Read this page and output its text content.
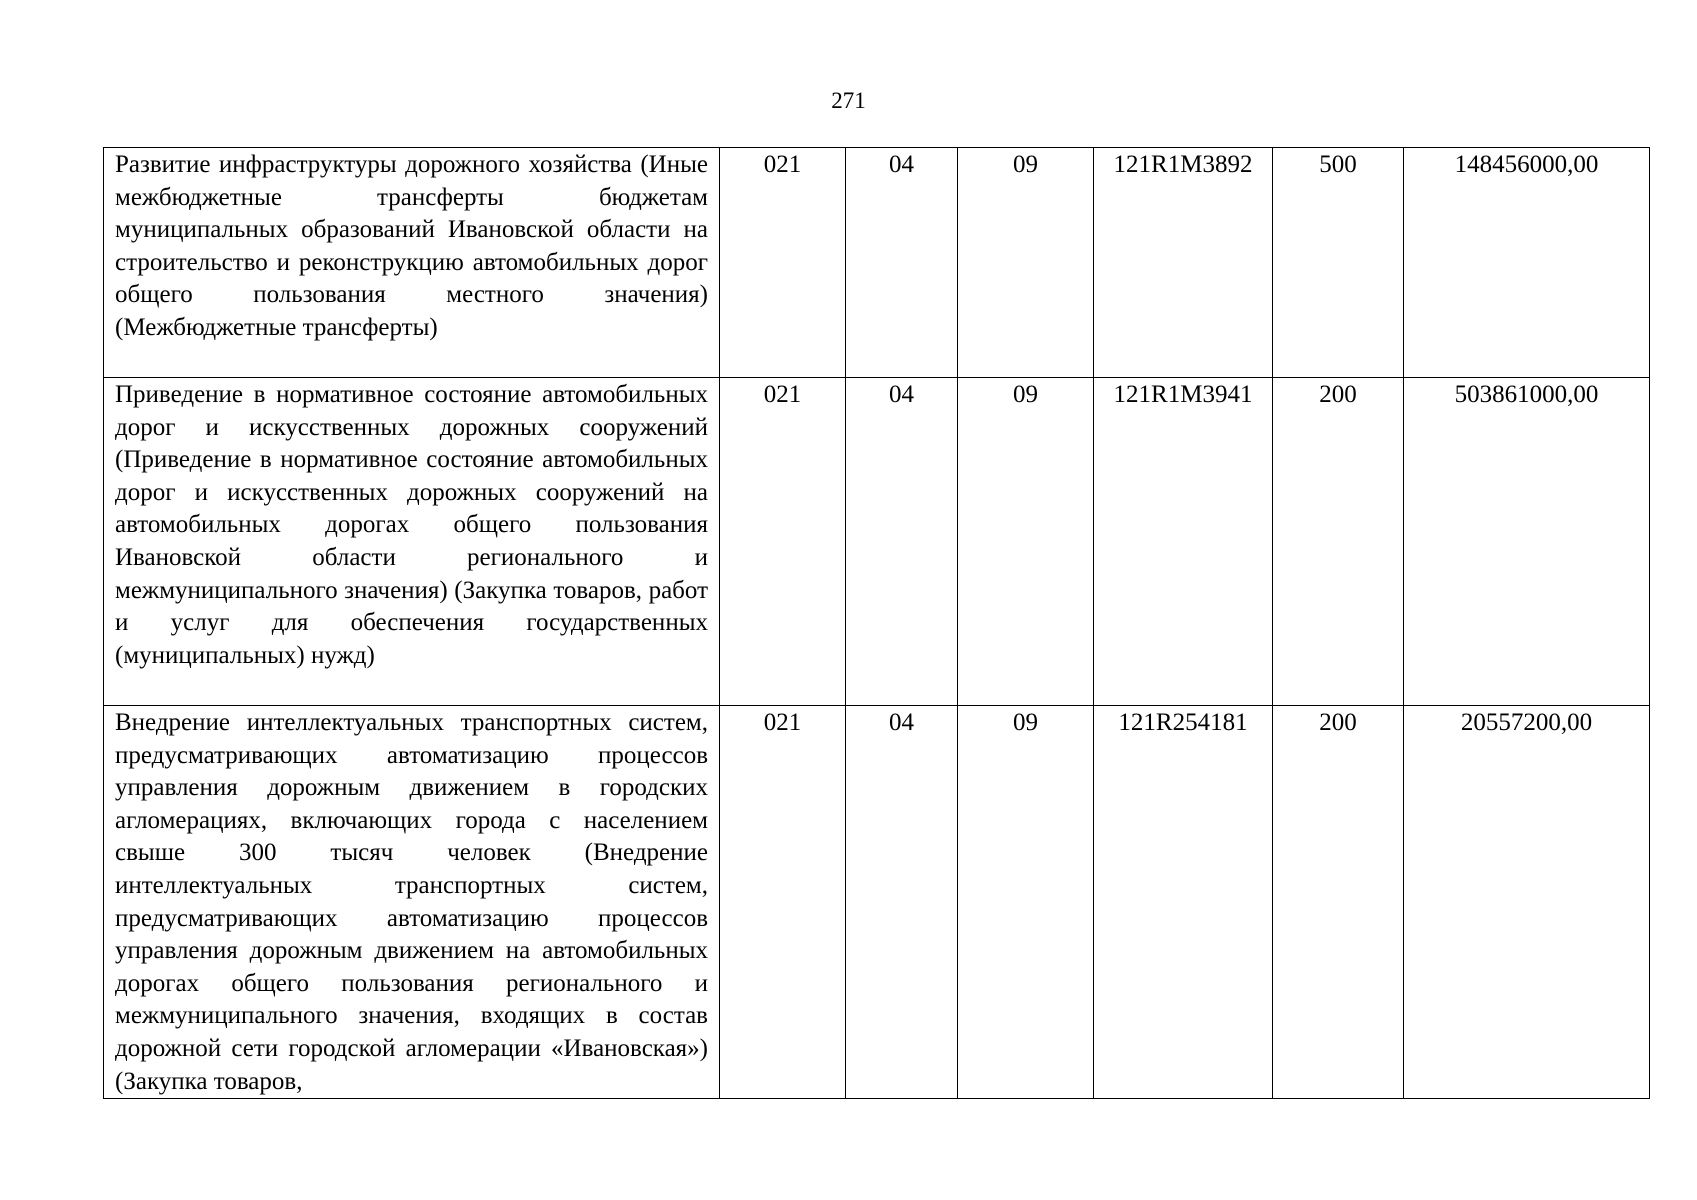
271
Развитие инфраструктуры дорожного хозяйства (Иные межбюджетные трансферты бюджетам муниципальных образований Ивановской области на строительство и реконструкцию автомобильных дорог общего пользования местного значения) (Межбюджетные трансферты)	021	04	09	121R1M3892	500	148456000,00
Приведение в нормативное состояние автомобильных дорог и искусственных дорожных сооружений (Приведение в нормативное состояние автомобильных дорог и искусственных дорожных сооружений на автомобильных дорогах общего пользования Ивановской области регионального и межмуниципального значения) (Закупка товаров, работ и услуг для обеспечения государственных (муниципальных) нужд)	021	04	09	121R1M3941	200	503861000,00
Внедрение интеллектуальных транспортных систем, предусматривающих автоматизацию процессов управления дорожным движением в городских агломерациях, включающих города с населением свыше 300 тысяч человек (Внедрение интеллектуальных транспортных систем, предусматривающих автоматизацию процессов управления дорожным движением на автомобильных дорогах общего пользования регионального и межмуниципального значения, входящих в состав дорожной сети городской агломерации «Ивановская») (Закупка товаров,	021	04	09	121R254181	200	20557200,00
